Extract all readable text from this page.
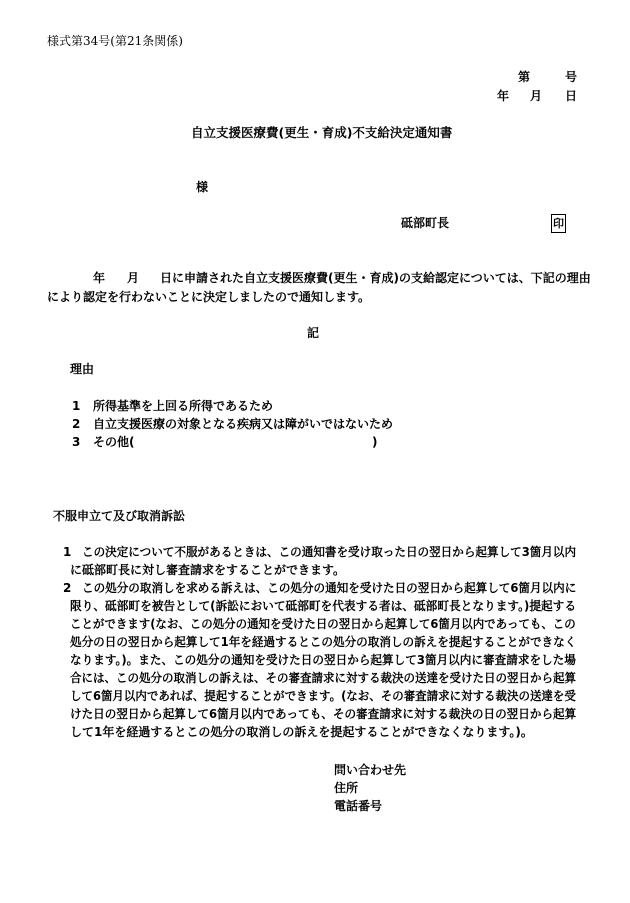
様式第34号(第21条関係)
第	号
年 月 日
自立支援医療費(更生・育成)不支給決定通知書
様
砥部町長	印
年 月 日に申請された自立支援医療費(更生・育成)の支給認定については、下記の理由
により認定を行わないことに決定しましたので通知します。
記
理由
1 所得基準を上回る所得であるため
2 自立支援医療の対象となる疾病又は障がいではないため
3 その他(	)
不服申立て及び取消訴訟
1 この決定について不服があるときは、この通知書を受け取った日の翌日から起算して3箇月以内
に砥部町長に対し審査請求をすることができます。
2 この処分の取消しを求める訴えは、この処分の通知を受けた日の翌日から起算して6箇月以内に
限り、砥部町を被告として(訴訟において砥部町を代表する者は、砥部町長となります。)提起する
ことができます(なお、この処分の通知を受けた日の翌日から起算して6箇月以内であっても、この
処分の日の翌日から起算して1年を経過するとこの処分の取消しの訴えを提起することができなく
なります。)。また、この処分の通知を受けた日の翌日から起算して3箇月以内に審査請求をした場
合には、この処分の取消しの訴えは、その審査請求に対する裁決の送達を受けた日の翌日から起算
して6箇月以内であれば、提起することができます。(なお、その審査請求に対する裁決の送達を受
けた日の翌日から起算して6箇月以内であっても、その審査請求に対する裁決の日の翌日から起算
して1年を経過するとこの処分の取消しの訴えを提起することができなくなります。)。
問い合わせ先
住所
電話番号
